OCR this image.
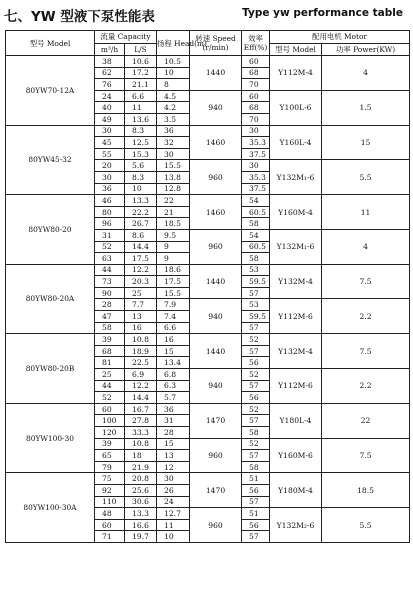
七、YW 型液下泵性能表	Type yw performance table
型号 Model	流量 Capacity		扬程 Head(m)	转速 Speed (r/min)	效率 Eff(%)	配用电机 Motor	
	m³/h	L/S				型号 Model	功率 Power(KW)
80YW70-12A	38	10.6	10.5	1440	60	Y112M-4	4
	62	17.2	10		68		
	76	21.1	8		70		
	24	6.6	4.5	940	60	Y100L-6	1.5
	40	11	4.2		68		
	49	13.6	3.5		70		
80YW45-32	30	8.3	36	1460	30	Y160L-4	15
	45	12.5	32		35.3		
	55	15.3	30		37.5		
	20	5.6	15.5	960	30	Y132M₁-6	5.5
	30	8.3	13.8		35.3		
	36	10	12.8		37.5		
80YW80-20	46	13.3	22	1460	54	Y160M-4	11
	80	22.2	21		60.5		
	96	26.7	18.5		58		
	31	8.6	9.5	960	54	Y132M₁-6	4
	52	14.4	9		60.5		
	63	17.5	9		58		
80YW80-20A	44	12.2	18.6	1440	53	Y132M-4	7.5
	73	20.3	17.5		59.5		
	90	25	15.5		57		
	28	7.7	7.9	940	53	Y112M-6	2.2
	47	13	7.4		59.5		
	58	16	6.6		57		
80YW80-20B	39	10.8	16	1440	52	Y132M-4	7.5
	68	18.9	15		57		
	81	22.5	13.4		56		
	25	6.9	6.8	940	52	Y112M-6	2.2
	44	12.2	6.3		57		
	52	14.4	5.7		56		
80YW100-30	60	16.7	36	1470	52	Y180L-4	22
	100	27.8	31		57		
	120	33.3	28		58		
	39	10.8	15	960	52	Y160M-6	7.5
	65	18	13		57		
	79	21.9	12		58		
80YW100-30A	75	20.8	30	1470	51	Y180M-4	18.5
	92	25.6	26		56		
	110	30.6	24		57		
	48	13.3	12.7	960	51	Y132M₂-6	5.5
	60	16.6	11		56		
	71	19.7	10		57		
